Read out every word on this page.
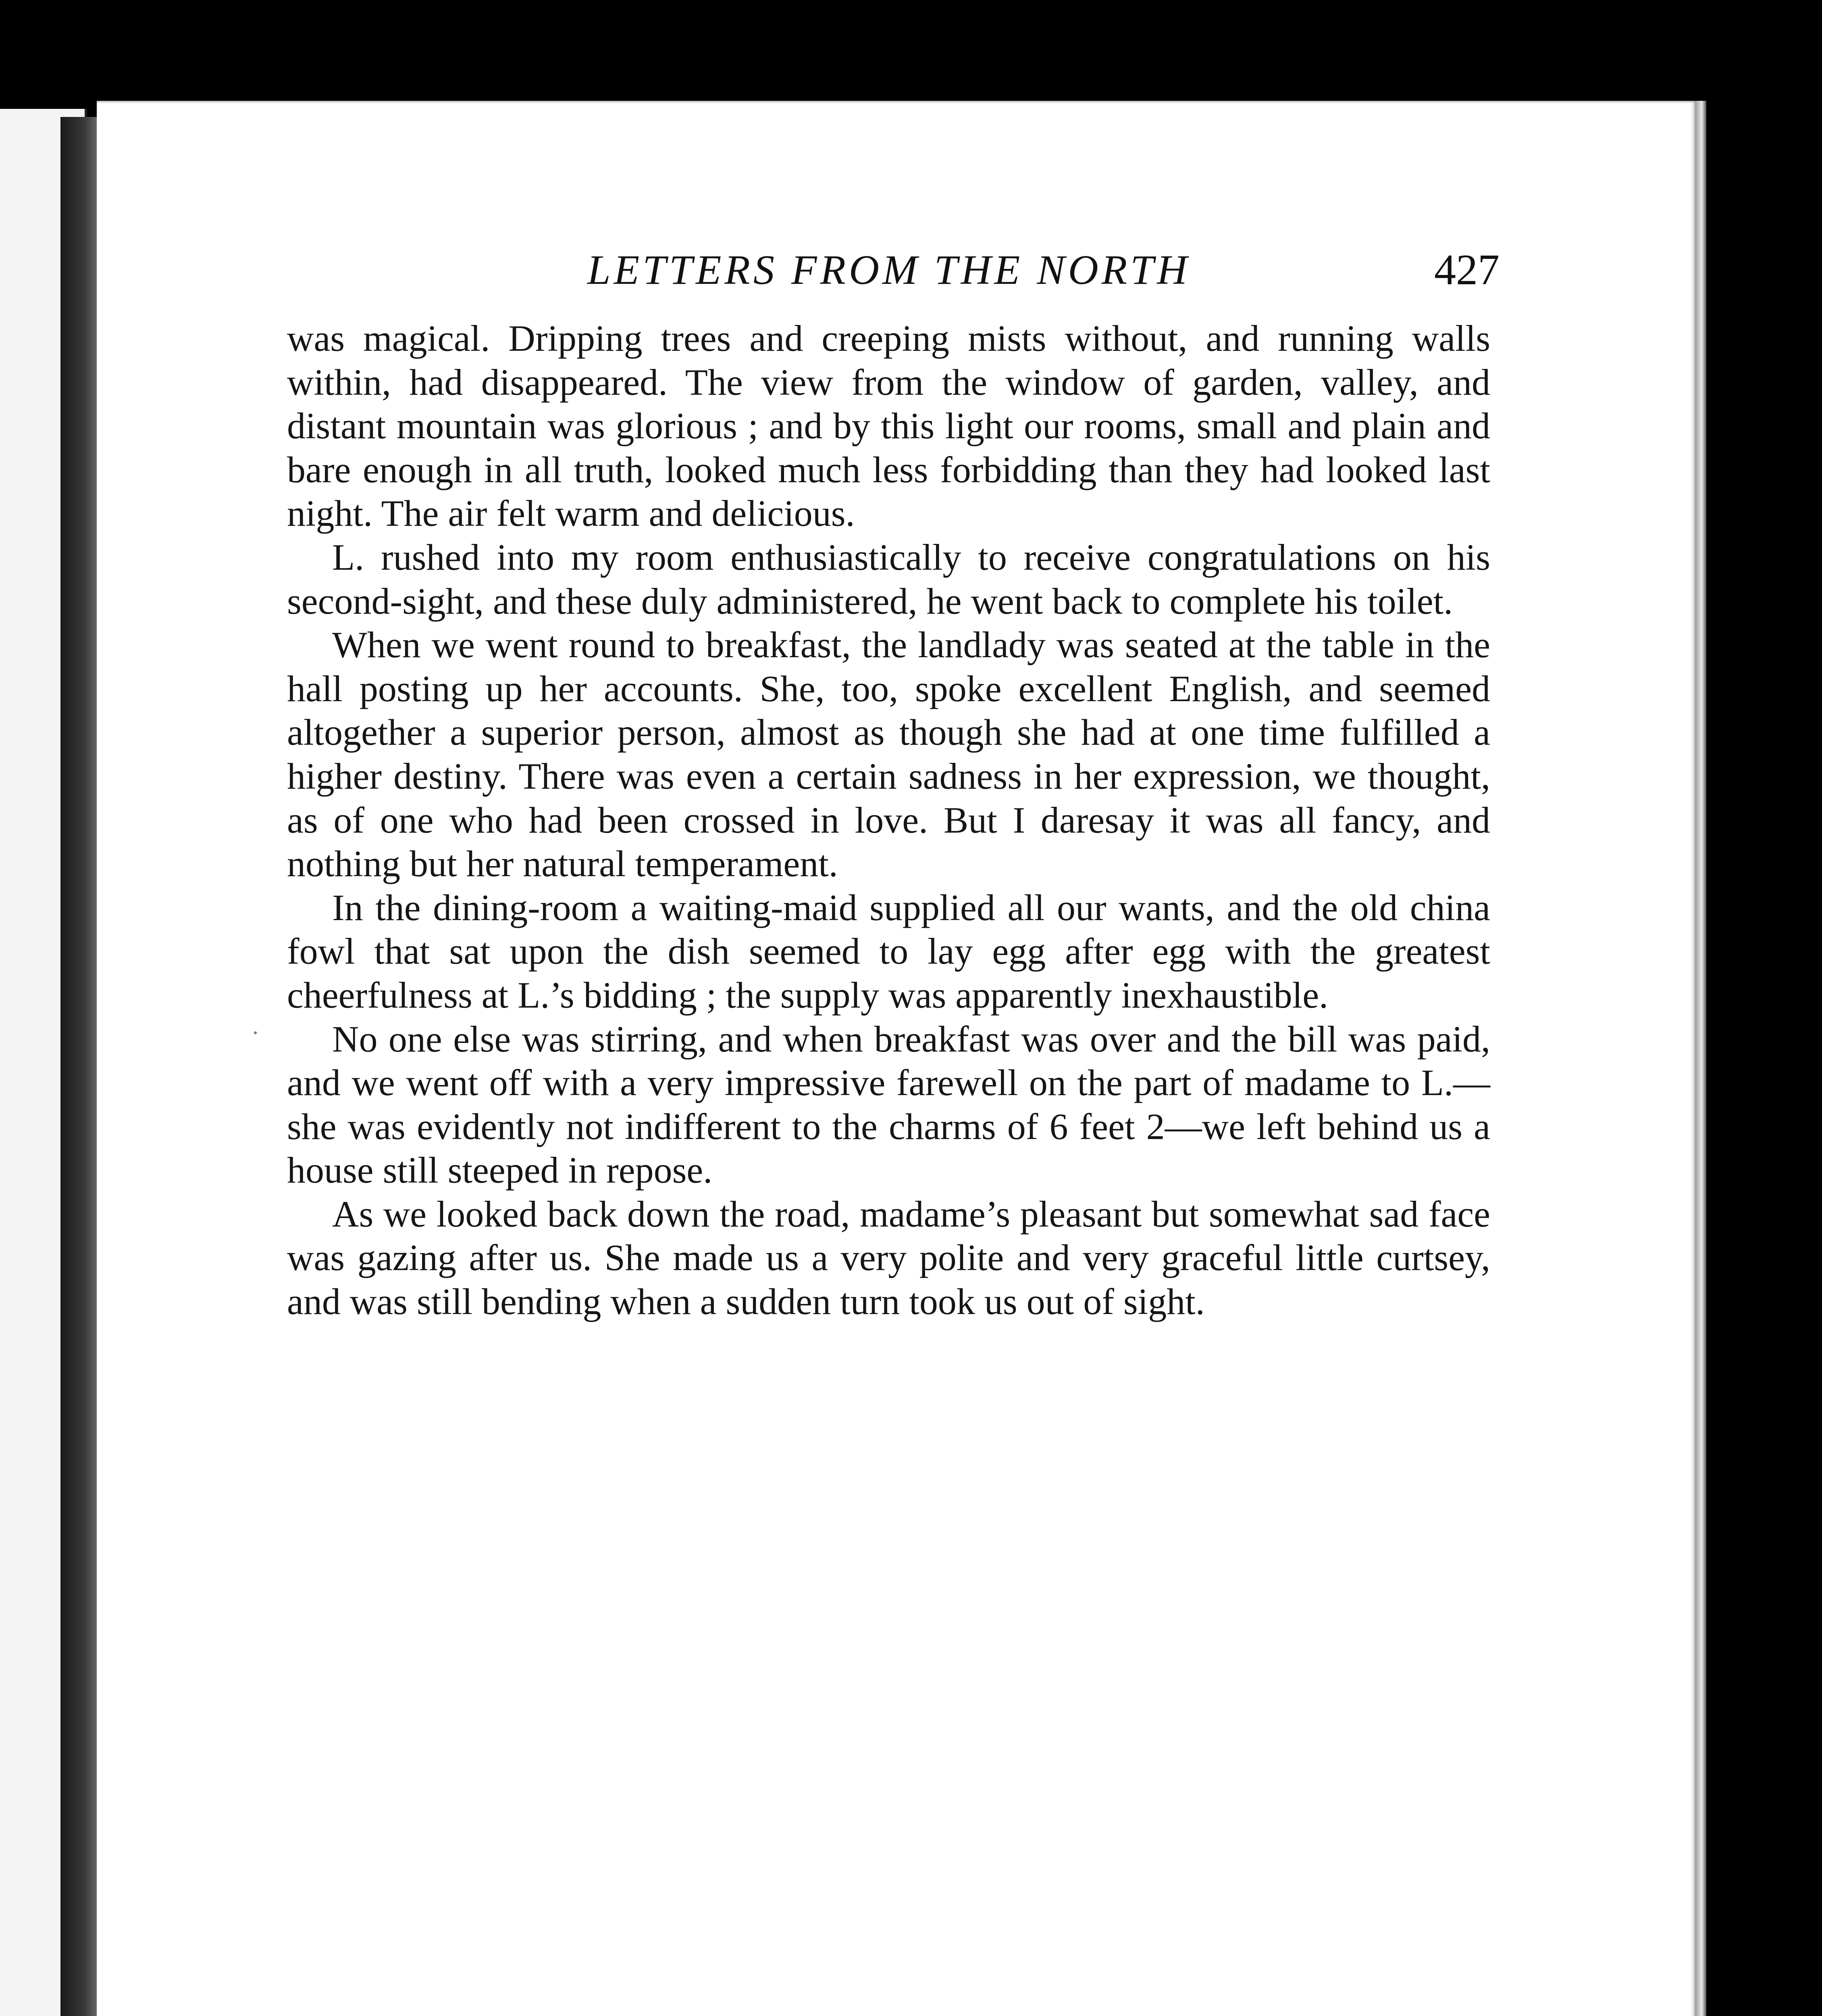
LETTERS FROM THE NORTH	427

was magical. Dripping trees and creeping mists without, and running walls within, had disappeared. The view from the window of garden, valley, and distant mountain was glorious ; and by this light our rooms, small and plain and bare enough in all truth, looked much less forbidding than they had looked last night. The air felt warm and delicious.

L. rushed into my room enthusiastically to receive congratulations on his second-sight, and these duly administered, he went back to complete his toilet.

When we went round to breakfast, the landlady was seated at the table in the hall posting up her accounts. She, too, spoke excellent English, and seemed altogether a superior person, almost as though she had at one time fulfilled a higher destiny. There was even a certain sadness in her expression, we thought, as of one who had been crossed in love. But I daresay it was all fancy, and nothing but her natural temperament.

In the dining-room a waiting-maid supplied all our wants, and the old china fowl that sat upon the dish seemed to lay egg after egg with the greatest cheerfulness at L.’s bidding ; the supply was apparently inexhaustible.

No one else was stirring, and when breakfast was over and the bill was paid, and we went off with a very impressive farewell on the part of madame to L.—she was evidently not indifferent to the charms of 6 feet 2—we left behind us a house still steeped in repose.

As we looked back down the road, madame’s pleasant but somewhat sad face was gazing after us. She made us a very polite and very graceful little curtsey, and was still bending when a sudden turn took us out of sight.
